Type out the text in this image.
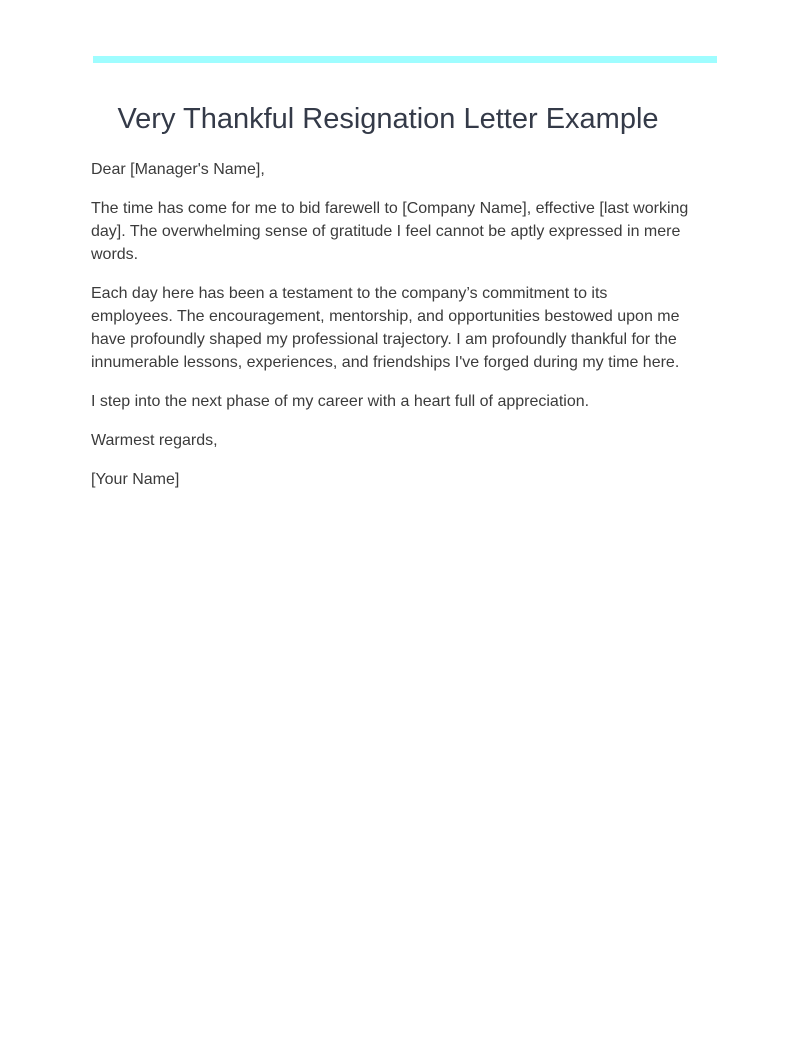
Very Thankful Resignation Letter Example

Dear [Manager's Name],

The time has come for me to bid farewell to [Company Name], effective [last working day]. The overwhelming sense of gratitude I feel cannot be aptly expressed in mere words.

Each day here has been a testament to the company’s commitment to its employees. The encouragement, mentorship, and opportunities bestowed upon me have profoundly shaped my professional trajectory. I am profoundly thankful for the innumerable lessons, experiences, and friendships I've forged during my time here.

I step into the next phase of my career with a heart full of appreciation.

Warmest regards,

[Your Name]
